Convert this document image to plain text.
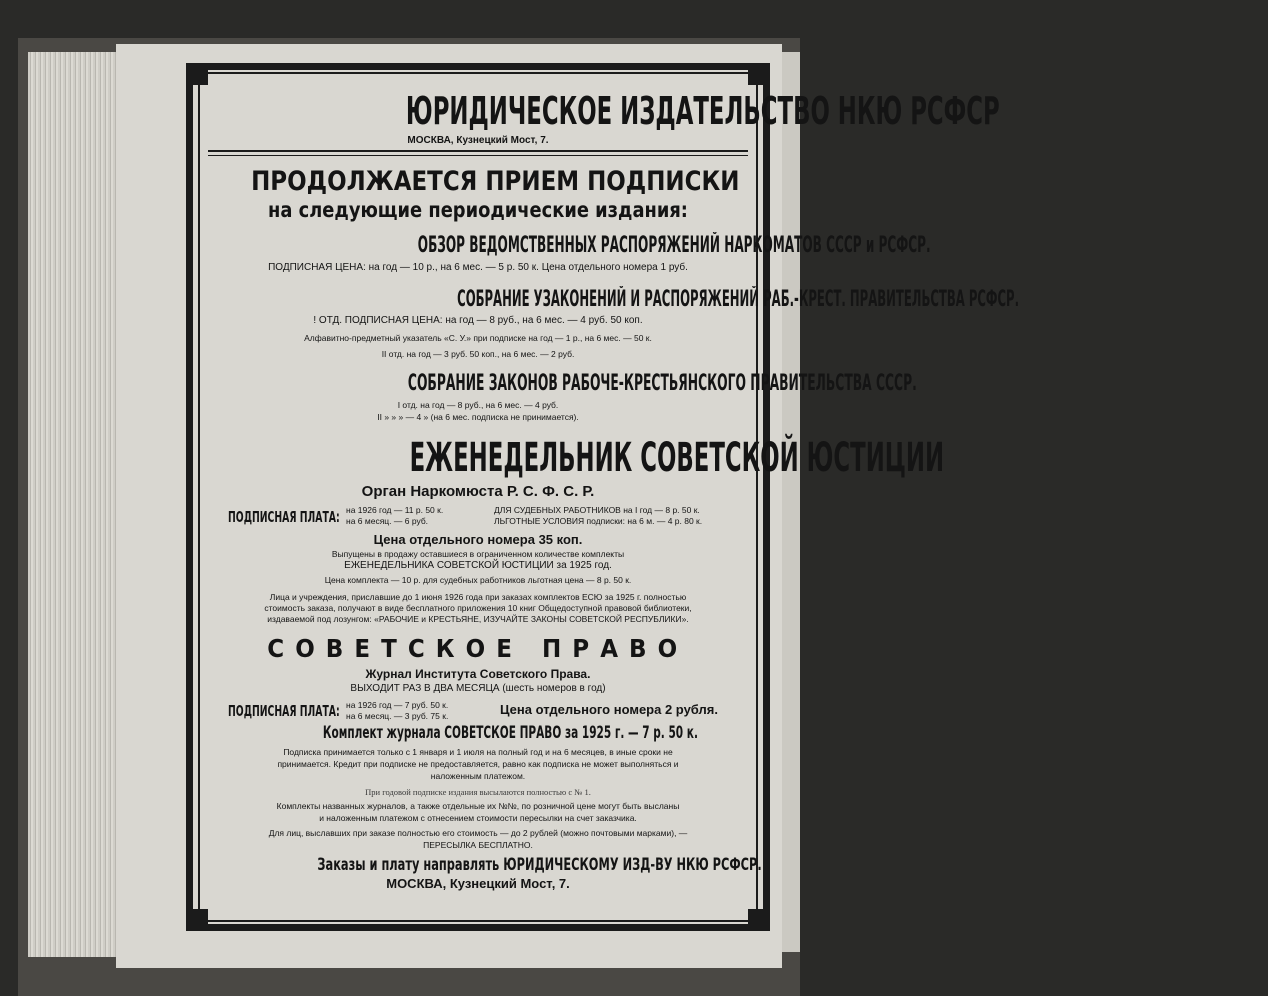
ЮРИДИЧЕСКОЕ ИЗДАТЕЛЬСТВО НКЮ РСФСР
МОСКВА, Кузнецкий Мост, 7.
ПРОДОЛЖАЕТСЯ ПРИЕМ ПОДПИСКИ
на следующие периодические издания:
ОБЗОР ВЕДОМСТВЕННЫХ РАСПОРЯЖЕНИЙ НАРКОМАТОВ СССР и РСФСР.
ПОДПИСНАЯ ЦЕНА: на год — 10 р., на 6 мес. — 5 р. 50 к. Цена отдельного номера 1 руб.
СОБРАНИЕ УЗАКОНЕНИЙ И РАСПОРЯЖЕНИЙ РАБ.-КРЕСТ. ПРАВИТЕЛЬСТВА РСФСР.
! ОТД. ПОДПИСНАЯ ЦЕНА: на год — 8 руб., на 6 мес. — 4 руб. 50 коп.
Алфавитно-предметный указатель «С. У.» при подписке на год — 1 р., на 6 мес. — 50 к.
II отд. на год — 3 руб. 50 коп., на 6 мес. — 2 руб.
СОБРАНИЕ ЗАКОНОВ РАБОЧЕ-КРЕСТЬЯНСКОГО ПРАВИТЕЛЬСТВА СССР.
I отд. на год — 8 руб., на 6 мес. — 4 руб.
II » » » — 4 » (на 6 мес. подписка не принимается).
ЕЖЕНЕДЕЛЬНИК СОВЕТСКОЙ ЮСТИЦИИ
Орган Наркомюста Р. С. Ф. С. Р.
ПОДПИСНАЯ ПЛАТА: на 1926 год — 11 р. 50 к.
на 6 месяц. — 6 руб.
ДЛЯ СУДЕБНЫХ РАБОТНИКОВ на I год — 8 р. 50 к.
ЛЬГОТНЫЕ УСЛОВИЯ подписки: на 6 м. — 4 р. 80 к.
Цена отдельного номера 35 коп.
Выпущены в продажу оставшиеся в ограниченном количестве комплекты
ЕЖЕНЕДЕЛЬНИКА СОВЕТСКОЙ ЮСТИЦИИ за 1925 год.
Цена комплекта — 10 р. для судебных работников льготная цена — 8 р. 50 к.
Лица и учреждения, приславшие до 1 июня 1926 года при заказах комплектов ЕСЮ за 1925 г. полностью
стоимость заказа, получают в виде бесплатного приложения 10 книг Общедоступной правовой библиотеки,
издаваемой под лозунгом: «РАБОЧИЕ и КРЕСТЬЯНЕ, ИЗУЧАЙТЕ ЗАКОНЫ СОВЕТСКОЙ РЕСПУБЛИКИ».
СОВЕТСКОЕ ПРАВО
Журнал Института Советского Права.
ВЫХОДИТ РАЗ В ДВА МЕСЯЦА (шесть номеров в год)
ПОДПИСНАЯ ПЛАТА: на 1926 год — 7 руб. 50 к.
на 6 месяц. — 3 руб. 75 к.	Цена отдельного номера 2 рубля.
Комплект журнала СОВЕТСКОЕ ПРАВО за 1925 г. — 7 р. 50 к.
Подписка принимается только с 1 января и 1 июля на полный год и на 6 месяцев, в иные сроки не
принимается. Кредит при подписке не предоставляется, равно как подписка не может выполняться и
наложенным платежом.
При годовой подписке издания высылаются полностью с № 1.
Комплекты названных журналов, а также отдельные их №№, по розничной цене могут быть высланы
и наложенным платежом с отнесением стоимости пересылки на счет заказчика.
Для лиц, выславших при заказе полностью его стоимость — до 2 рублей (можно почтовыми марками), —
ПЕРЕСЫЛКА БЕСПЛАТНО.
Заказы и плату направлять ЮРИДИЧЕСКОМУ ИЗД-ВУ НКЮ РСФСР.
МОСКВА, Кузнецкий Мост, 7.
